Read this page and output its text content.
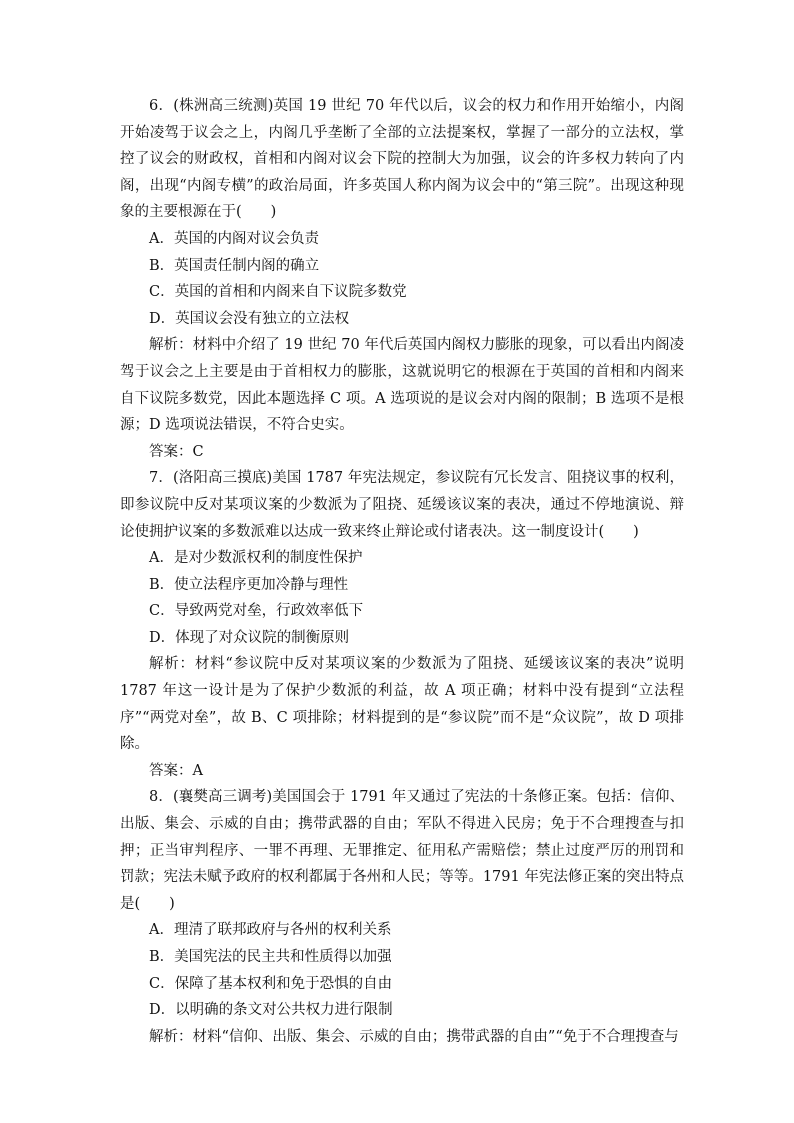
6．(株洲高三统测)英国 19 世纪 70 年代以后，议会的权力和作用开始缩小，内阁开始凌驾于议会之上，内阁几乎垄断了全部的立法提案权，掌握了一部分的立法权，掌控了议会的财政权，首相和内阁对议会下院的控制大为加强，议会的许多权力转向了内阁，出现“内阁专横”的政治局面，许多英国人称内阁为议会中的“第三院”。出现这种现象的主要根源在于(　　)

A．英国的内阁对议会负责

B．英国责任制内阁的确立

C．英国的首相和内阁来自下议院多数党

D．英国议会没有独立的立法权

解析：材料中介绍了 19 世纪 70 年代后英国内阁权力膨胀的现象，可以看出内阁凌驾于议会之上主要是由于首相权力的膨胀，这就说明它的根源在于英国的首相和内阁来自下议院多数党，因此本题选择 C 项。A 选项说的是议会对内阁的限制；B 选项不是根源；D 选项说法错误，不符合史实。

答案：C

7．(洛阳高三摸底)美国 1787 年宪法规定，参议院有冗长发言、阻挠议事的权利，即参议院中反对某项议案的少数派为了阻挠、延缓该议案的表决，通过不停地演说、辩论使拥护议案的多数派难以达成一致来终止辩论或付诸表决。这一制度设计(　　)

A．是对少数派权利的制度性保护

B．使立法程序更加冷静与理性

C．导致两党对垒，行政效率低下

D．体现了对众议院的制衡原则

解析：材料“参议院中反对某项议案的少数派为了阻挠、延缓该议案的表决”说明 1787 年这一设计是为了保护少数派的利益，故 A 项正确；材料中没有提到“立法程序”“两党对垒”，故 B、C 项排除；材料提到的是“参议院”而不是“众议院”，故 D 项排除。

答案：A

8．(襄樊高三调考)美国国会于 1791 年又通过了宪法的十条修正案。包括：信仰、出版、集会、示威的自由；携带武器的自由；军队不得进入民房；免于不合理搜查与扣押；正当审判程序、一罪不再理、无罪推定、征用私产需赔偿；禁止过度严厉的刑罚和罚款；宪法未赋予政府的权利都属于各州和人民；等等。1791 年宪法修正案的突出特点是(　　)

A．理清了联邦政府与各州的权利关系

B．美国宪法的民主共和性质得以加强

C．保障了基本权利和免于恐惧的自由

D．以明确的条文对公共权力进行限制

解析：材料“信仰、出版、集会、示威的自由；携带武器的自由”“免于不合理搜查与
